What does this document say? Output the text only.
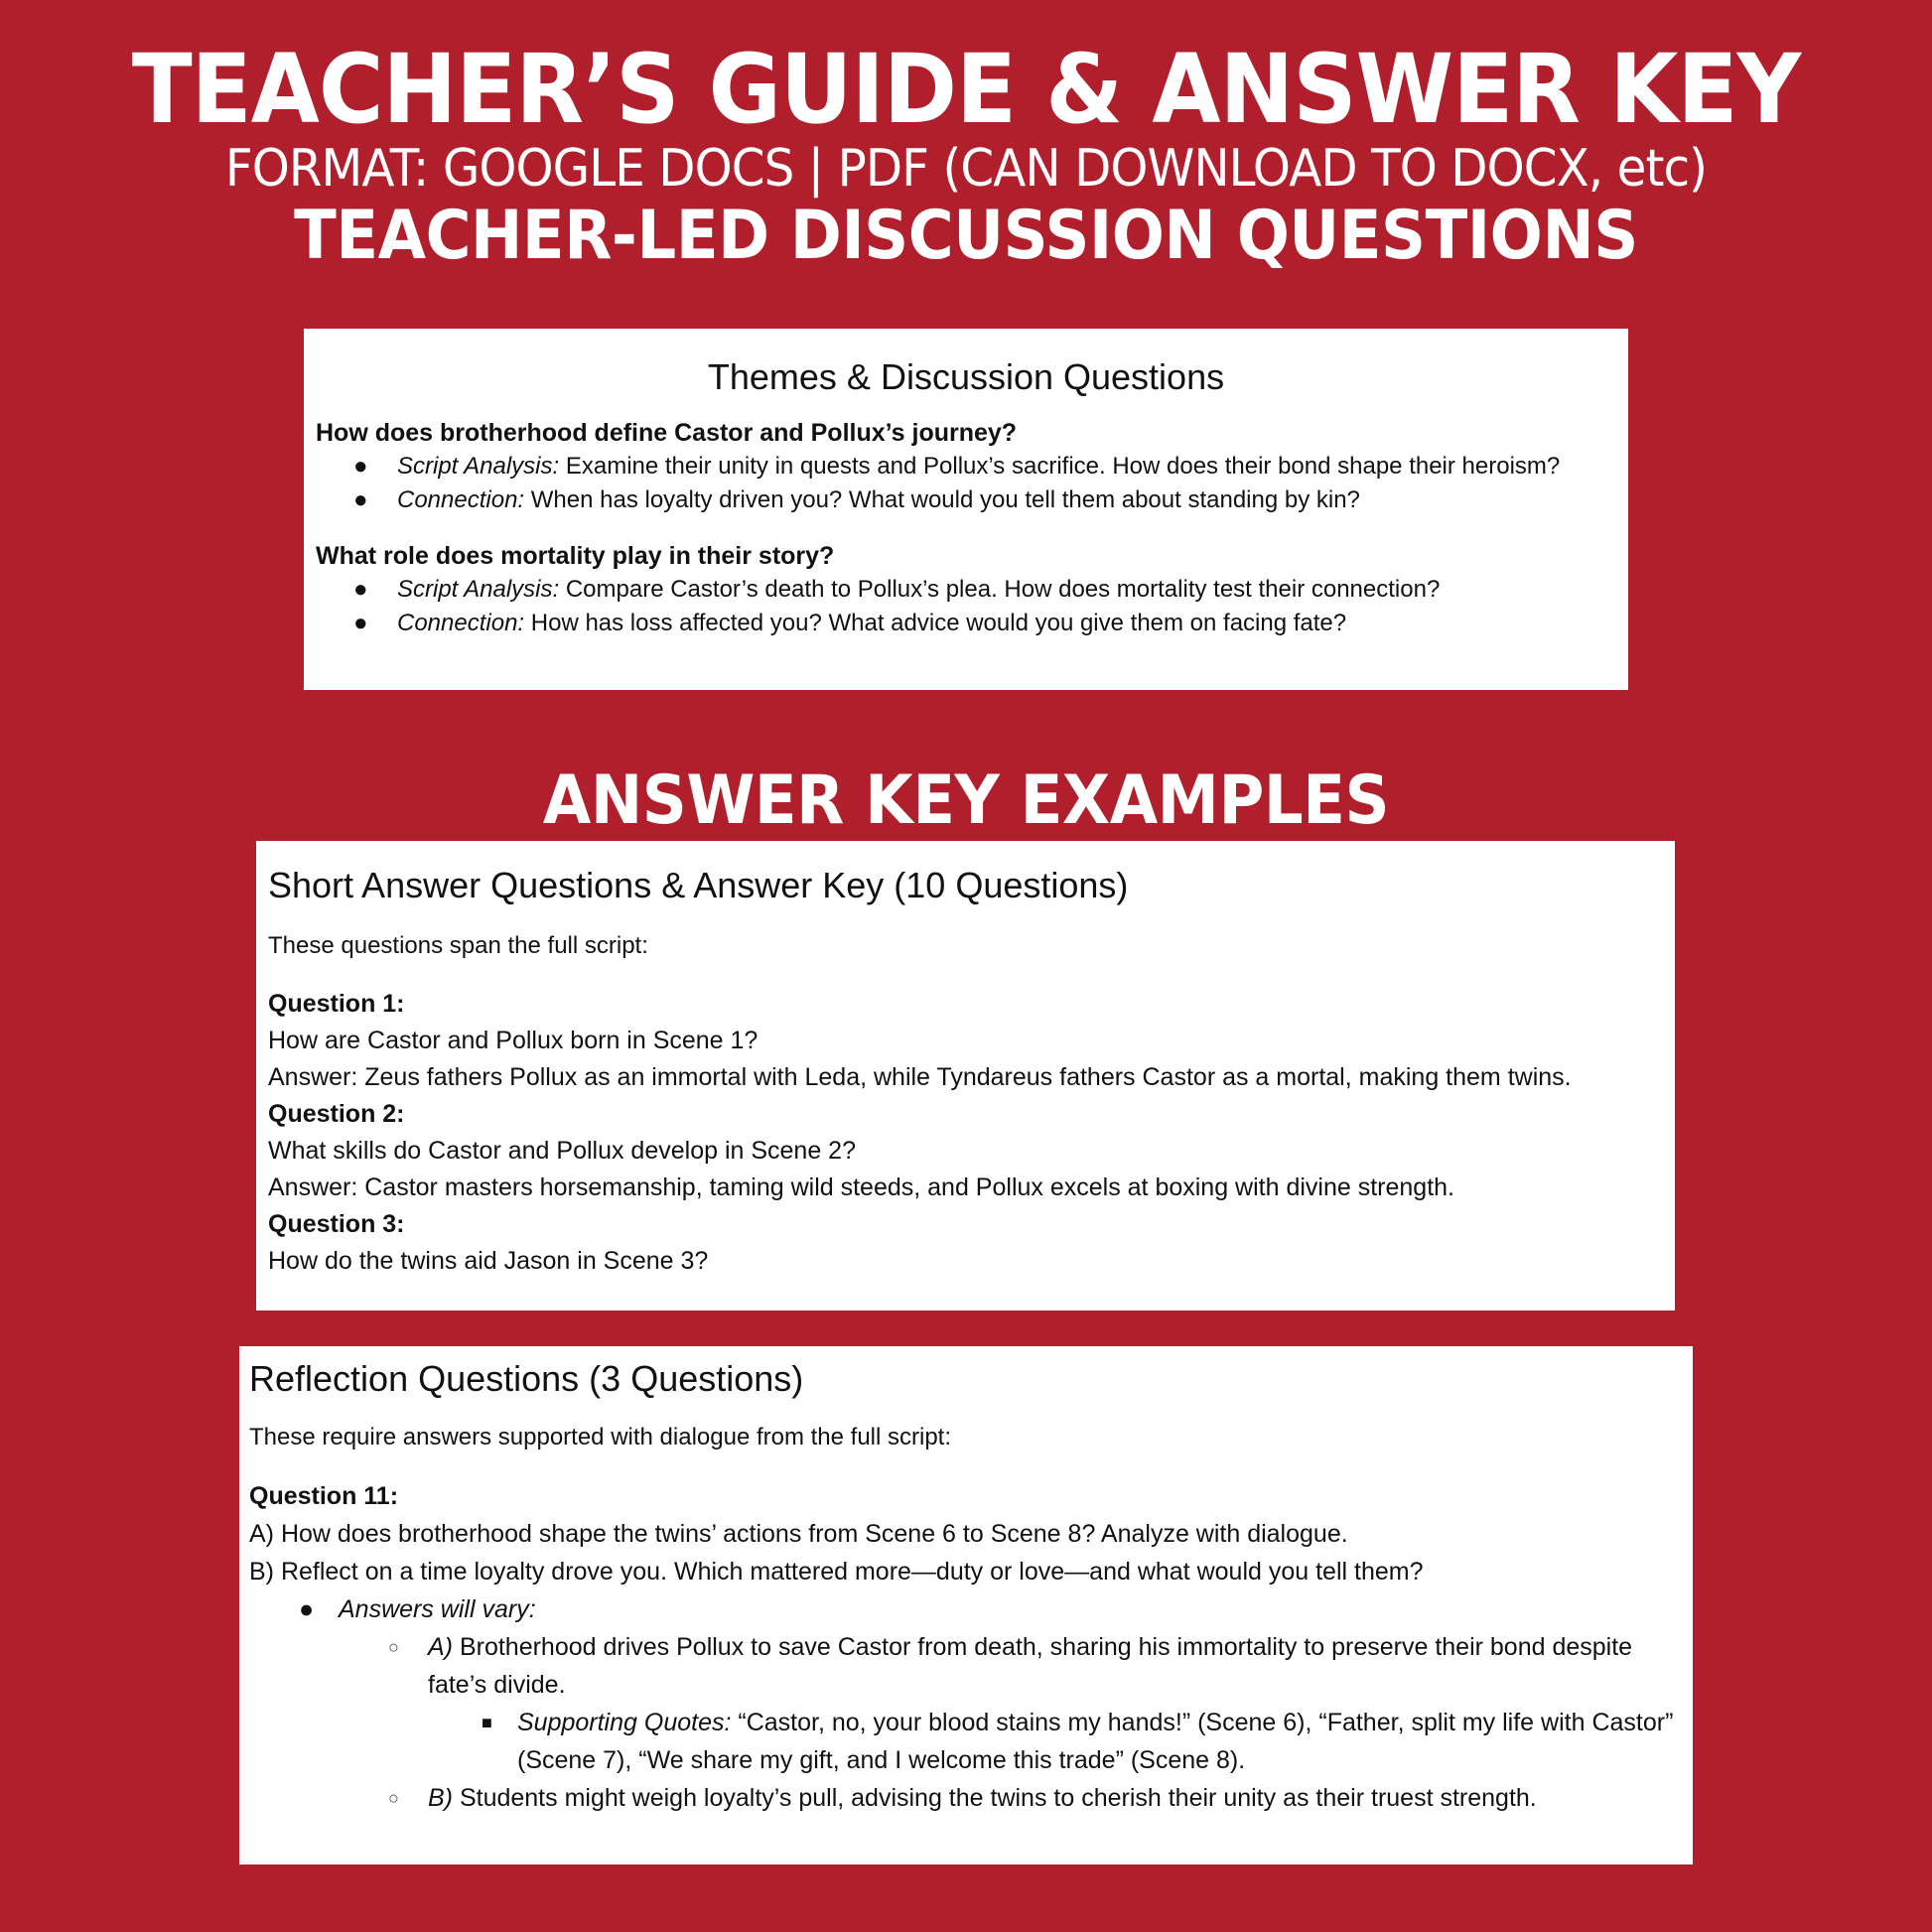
TEACHER’S GUIDE & ANSWER KEY
FORMAT: GOOGLE DOCS | PDF (CAN DOWNLOAD TO DOCX, etc)
TEACHER-LED DISCUSSION QUESTIONS
Themes & Discussion Questions
How does brotherhood define Castor and Pollux’s journey?
● Script Analysis: Examine their unity in quests and Pollux’s sacrifice. How does their bond shape their heroism?
● Connection: When has loyalty driven you? What would you tell them about standing by kin?
What role does mortality play in their story?
● Script Analysis: Compare Castor’s death to Pollux’s plea. How does mortality test their connection?
● Connection: How has loss affected you? What advice would you give them on facing fate?
ANSWER KEY EXAMPLES
Short Answer Questions & Answer Key (10 Questions)
These questions span the full script:
Question 1:
How are Castor and Pollux born in Scene 1?
Answer: Zeus fathers Pollux as an immortal with Leda, while Tyndareus fathers Castor as a mortal, making them twins.
Question 2:
What skills do Castor and Pollux develop in Scene 2?
Answer: Castor masters horsemanship, taming wild steeds, and Pollux excels at boxing with divine strength.
Question 3:
How do the twins aid Jason in Scene 3?
Reflection Questions (3 Questions)
These require answers supported with dialogue from the full script:
Question 11:
A) How does brotherhood shape the twins’ actions from Scene 6 to Scene 8? Analyze with dialogue.
B) Reflect on a time loyalty drove you. Which mattered more—duty or love—and what would you tell them?
● Answers will vary:
○ A) Brotherhood drives Pollux to save Castor from death, sharing his immortality to preserve their bond despite fate’s divide.
■ Supporting Quotes: “Castor, no, your blood stains my hands!” (Scene 6), “Father, split my life with Castor” (Scene 7), “We share my gift, and I welcome this trade” (Scene 8).
○ B) Students might weigh loyalty’s pull, advising the twins to cherish their unity as their truest strength.
